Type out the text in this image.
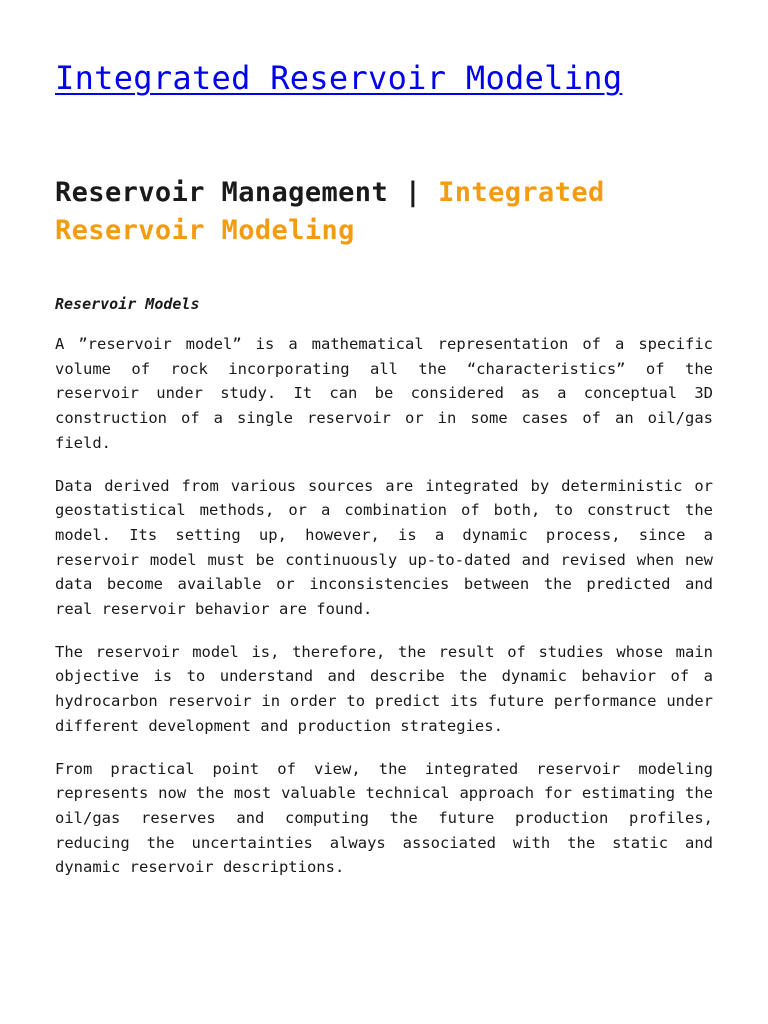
Integrated Reservoir Modeling
Reservoir Management | Integrated Reservoir Modeling
Reservoir Models

A ”reservoir model” is a mathematical representation of a specific volume of rock incorporating all the “characteristics” of the reservoir under study. It can be considered as a conceptual 3D construction of a single reservoir or in some cases of an oil/gas field.

Data derived from various sources are integrated by deterministic or geostatistical methods, or a combination of both, to construct the model. Its setting up, however, is a dynamic process, since a reservoir model must be continuously up-to-dated and revised when new data become available or inconsistencies between the predicted and real reservoir behavior are found.

The reservoir model is, therefore, the result of studies whose main objective is to understand and describe the dynamic behavior of a hydrocarbon reservoir in order to predict its future performance under different development and production strategies.

From practical point of view, the integrated reservoir modeling represents now the most valuable technical approach for estimating the oil/gas reserves and computing the future production profiles, reducing the uncertainties always associated with the static and dynamic reservoir descriptions.
